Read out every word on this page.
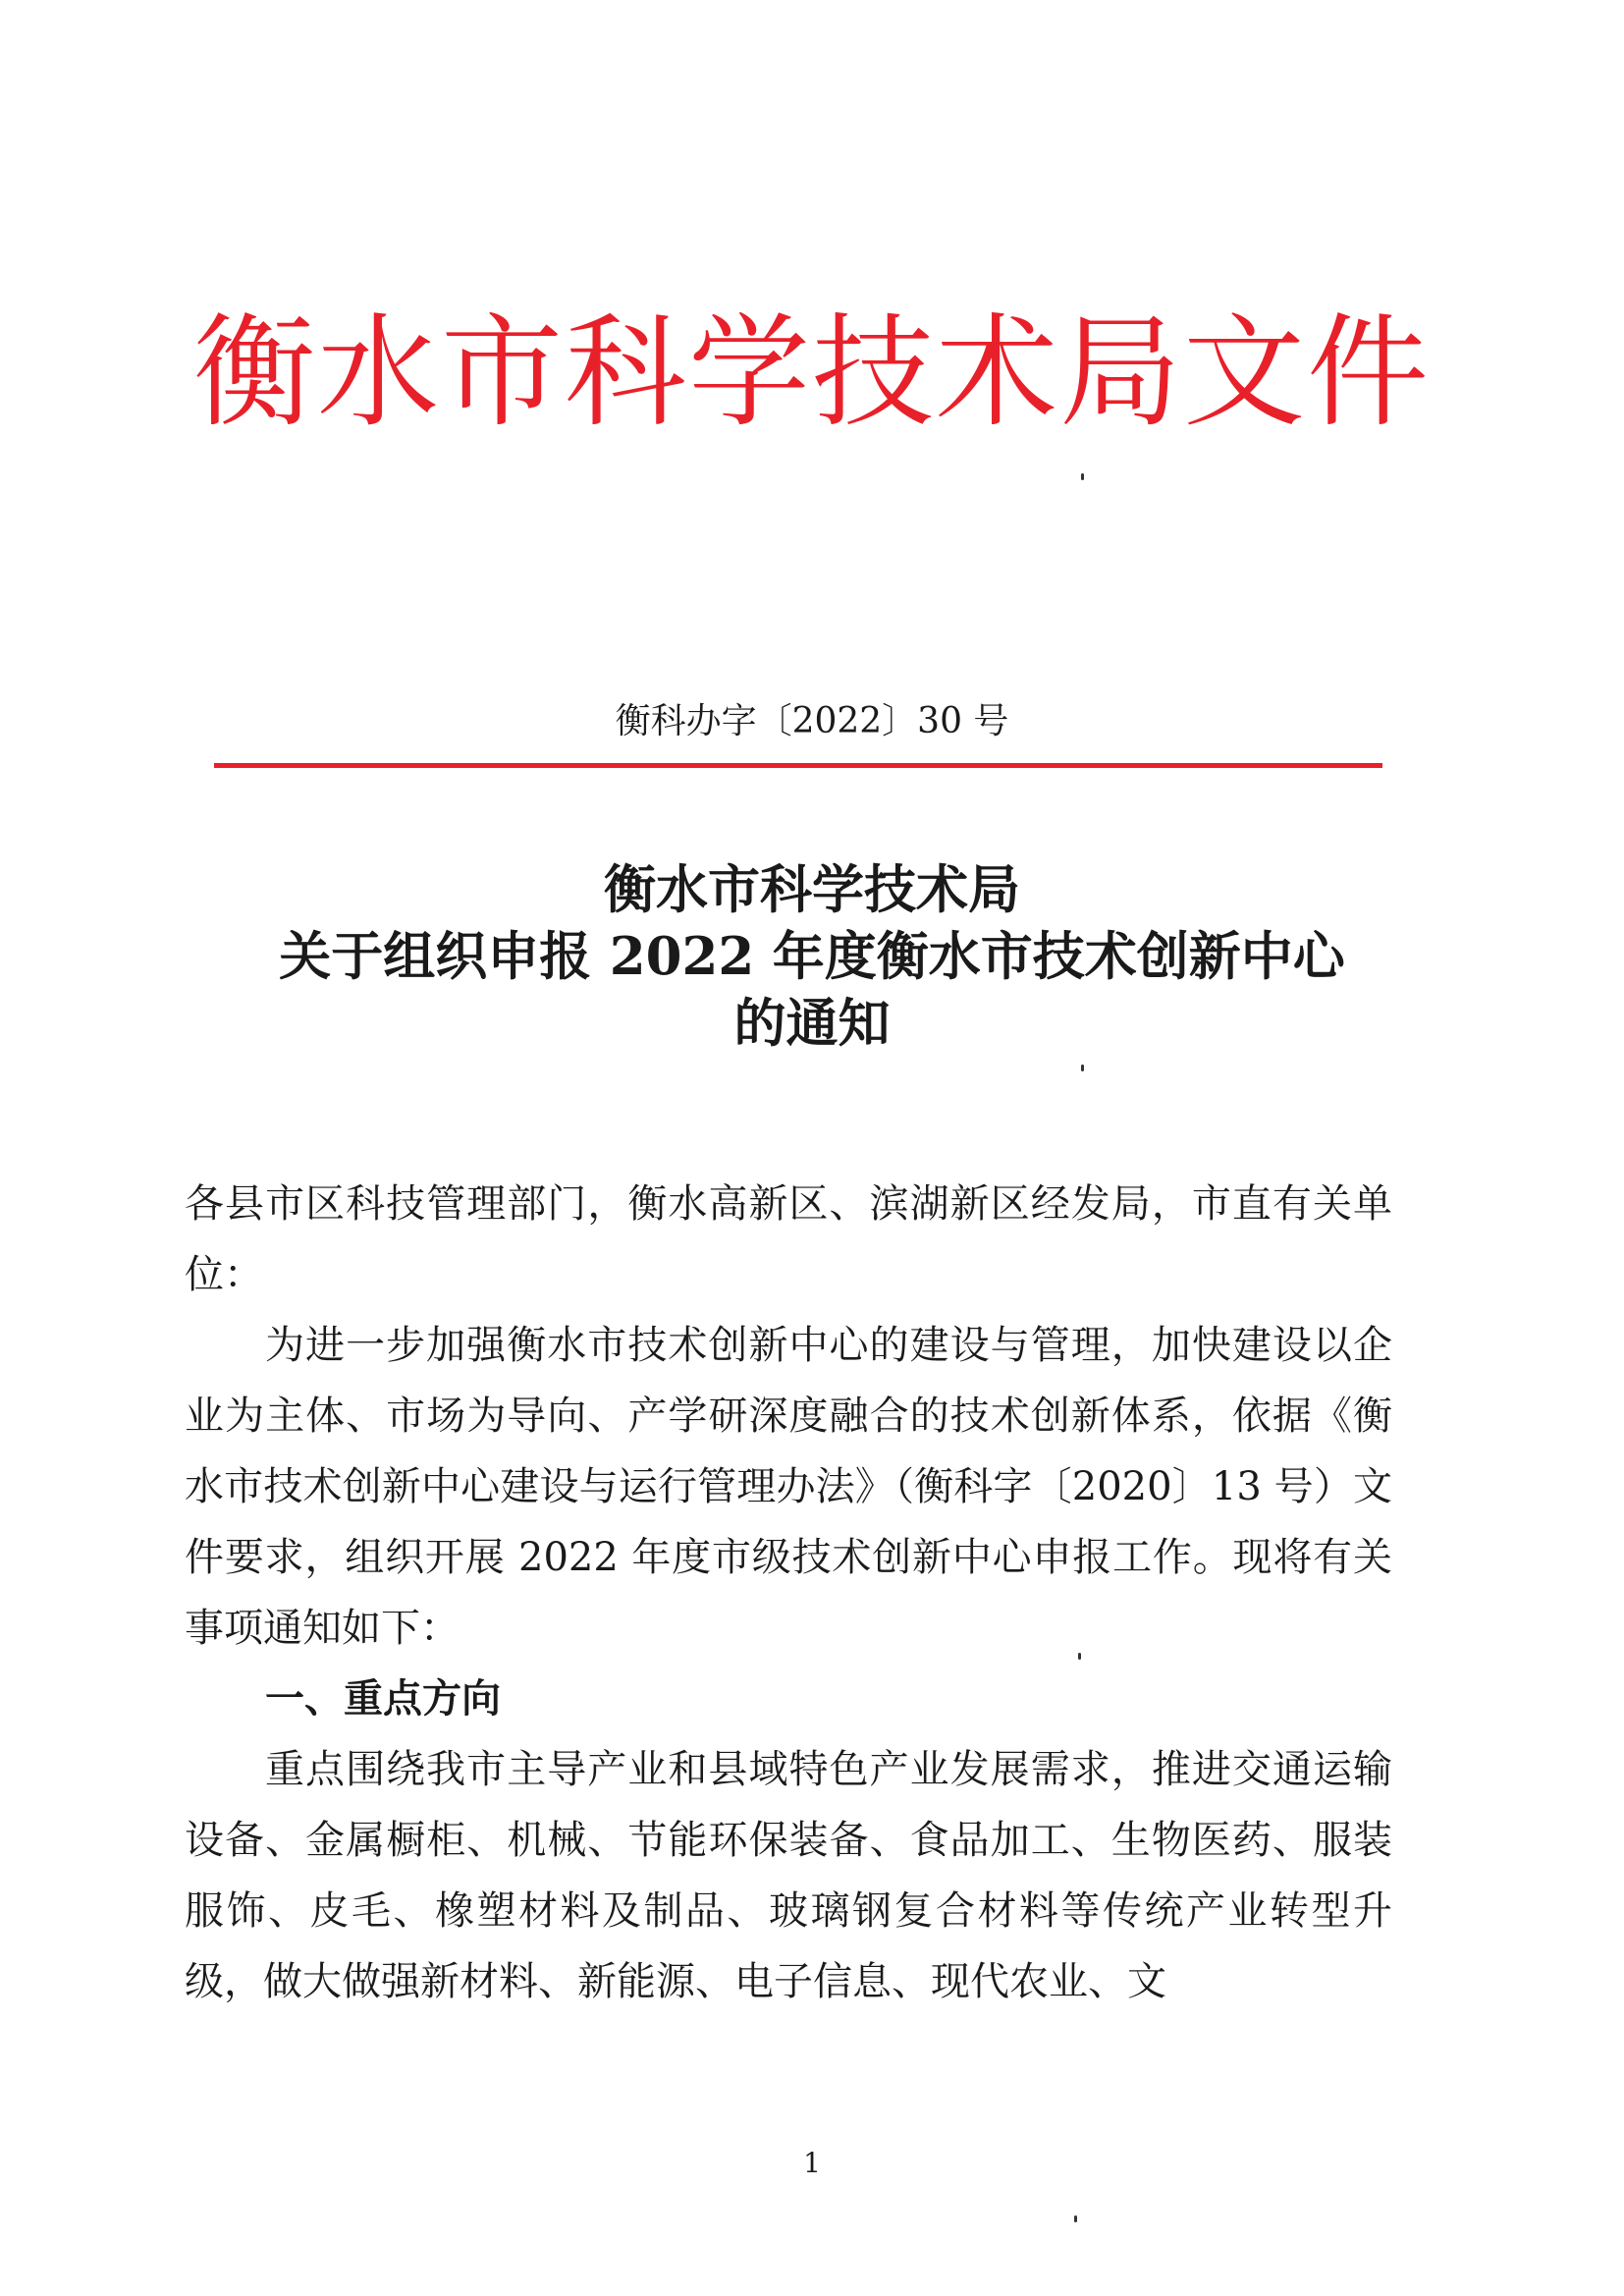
衡水市科学技术局文件
衡科办字〔2022〕30 号
衡水市科学技术局
关于组织申报 2022 年度衡水市技术创新中心
的通知

各县市区科技管理部门，衡水高新区、滨湖新区经发局，市直有关单位：

为进一步加强衡水市技术创新中心的建设与管理，加快建设以企业为主体、市场为导向、产学研深度融合的技术创新体系，依据《衡水市技术创新中心建设与运行管理办法》（衡科字〔2020〕13 号）文件要求，组织开展 2022 年度市级技术创新中心申报工作。现将有关事项通知如下：

一、重点方向

重点围绕我市主导产业和县域特色产业发展需求，推进交通运输设备、金属橱柜、机械、节能环保装备、食品加工、生物医药、服装服饰、皮毛、橡塑材料及制品、玻璃钢复合材料等传统产业转型升级，做大做强新材料、新能源、电子信息、现代农业、文

1
